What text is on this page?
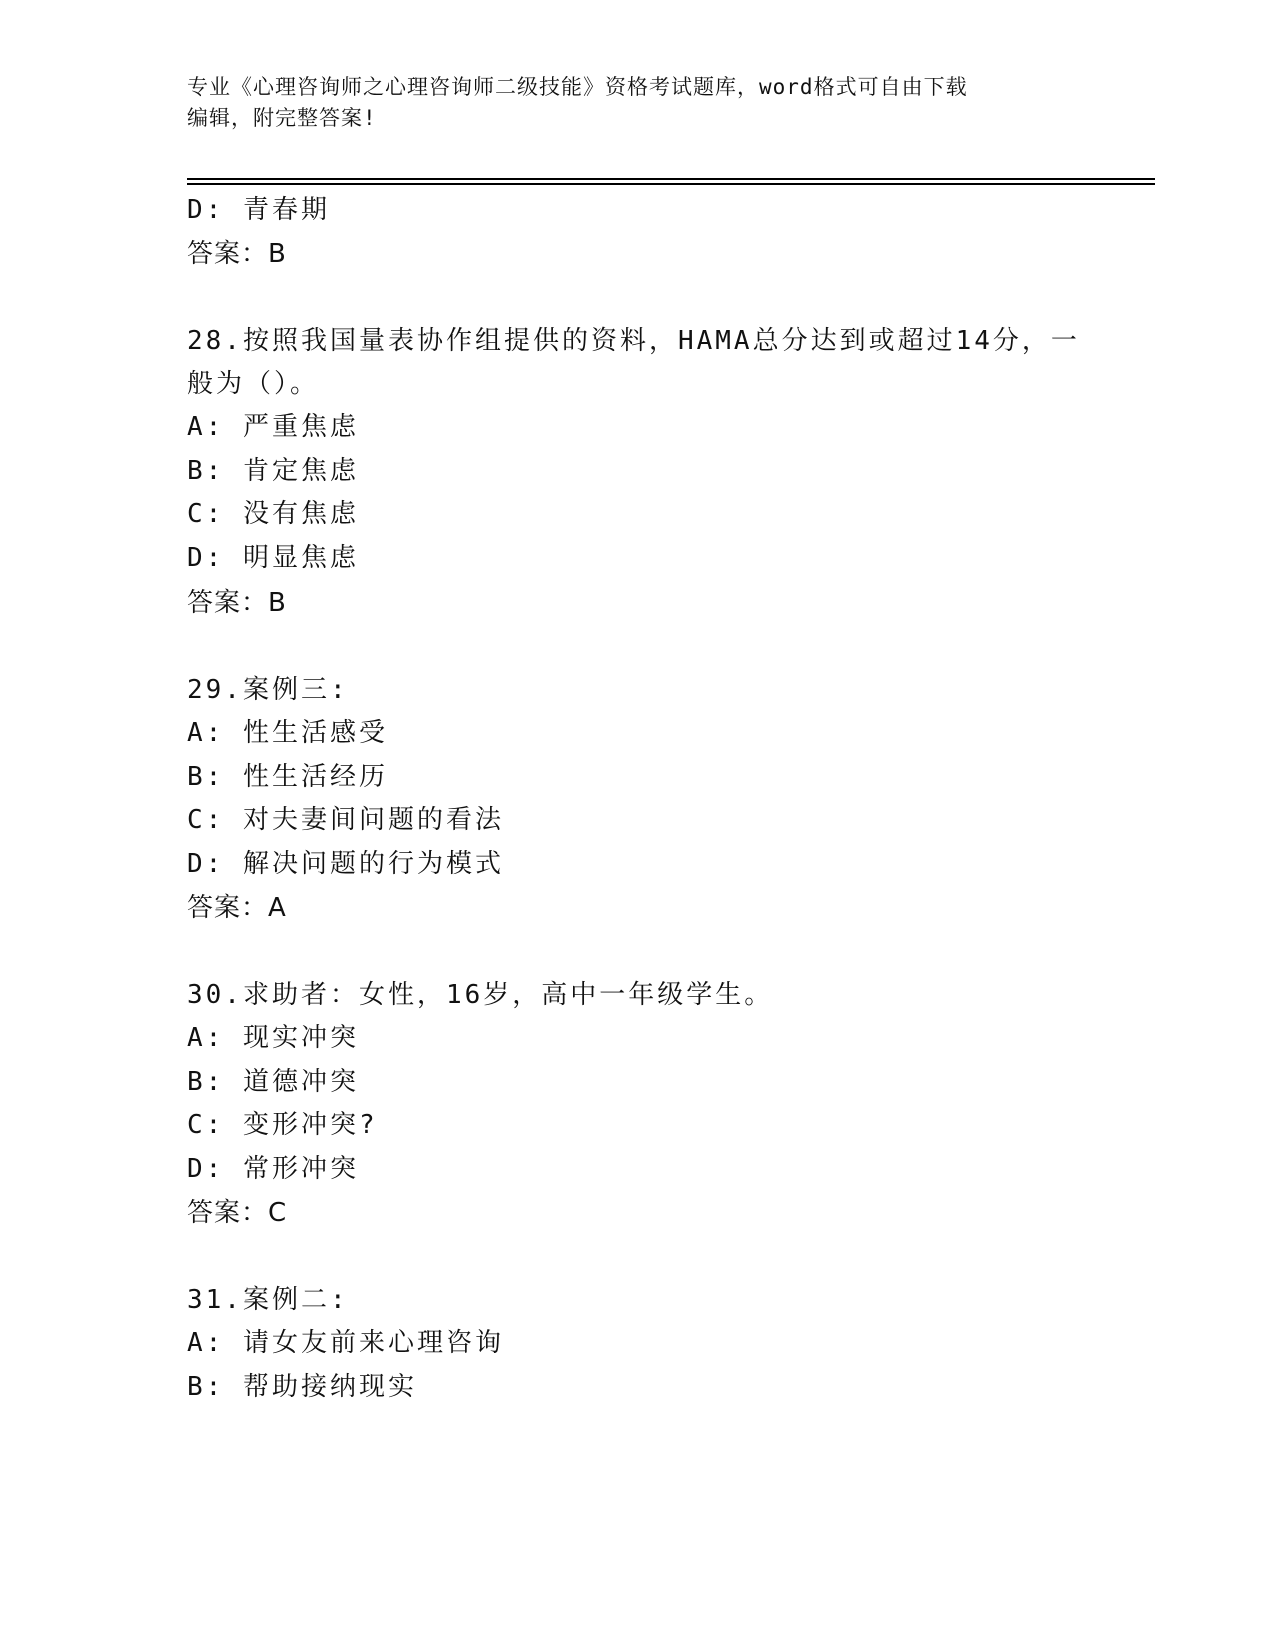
专业《心理咨询师之心理咨询师二级技能》资格考试题库，word格式可自由下载
编辑，附完整答案!
D: 青春期
答案：B
28.按照我国量表协作组提供的资料，HAMA总分达到或超过14分，一
般为（）。
A: 严重焦虑
B: 肯定焦虑
C: 没有焦虑
D: 明显焦虑
答案：B
29.案例三:
A: 性生活感受
B: 性生活经历
C: 对夫妻间问题的看法
D: 解决问题的行为模式
答案：A
30.求助者：女性，16岁，高中一年级学生。
A: 现实冲突
B: 道德冲突
C: 变形冲突?
D: 常形冲突
答案：C
31.案例二:
A: 请女友前来心理咨询
B: 帮助接纳现实
